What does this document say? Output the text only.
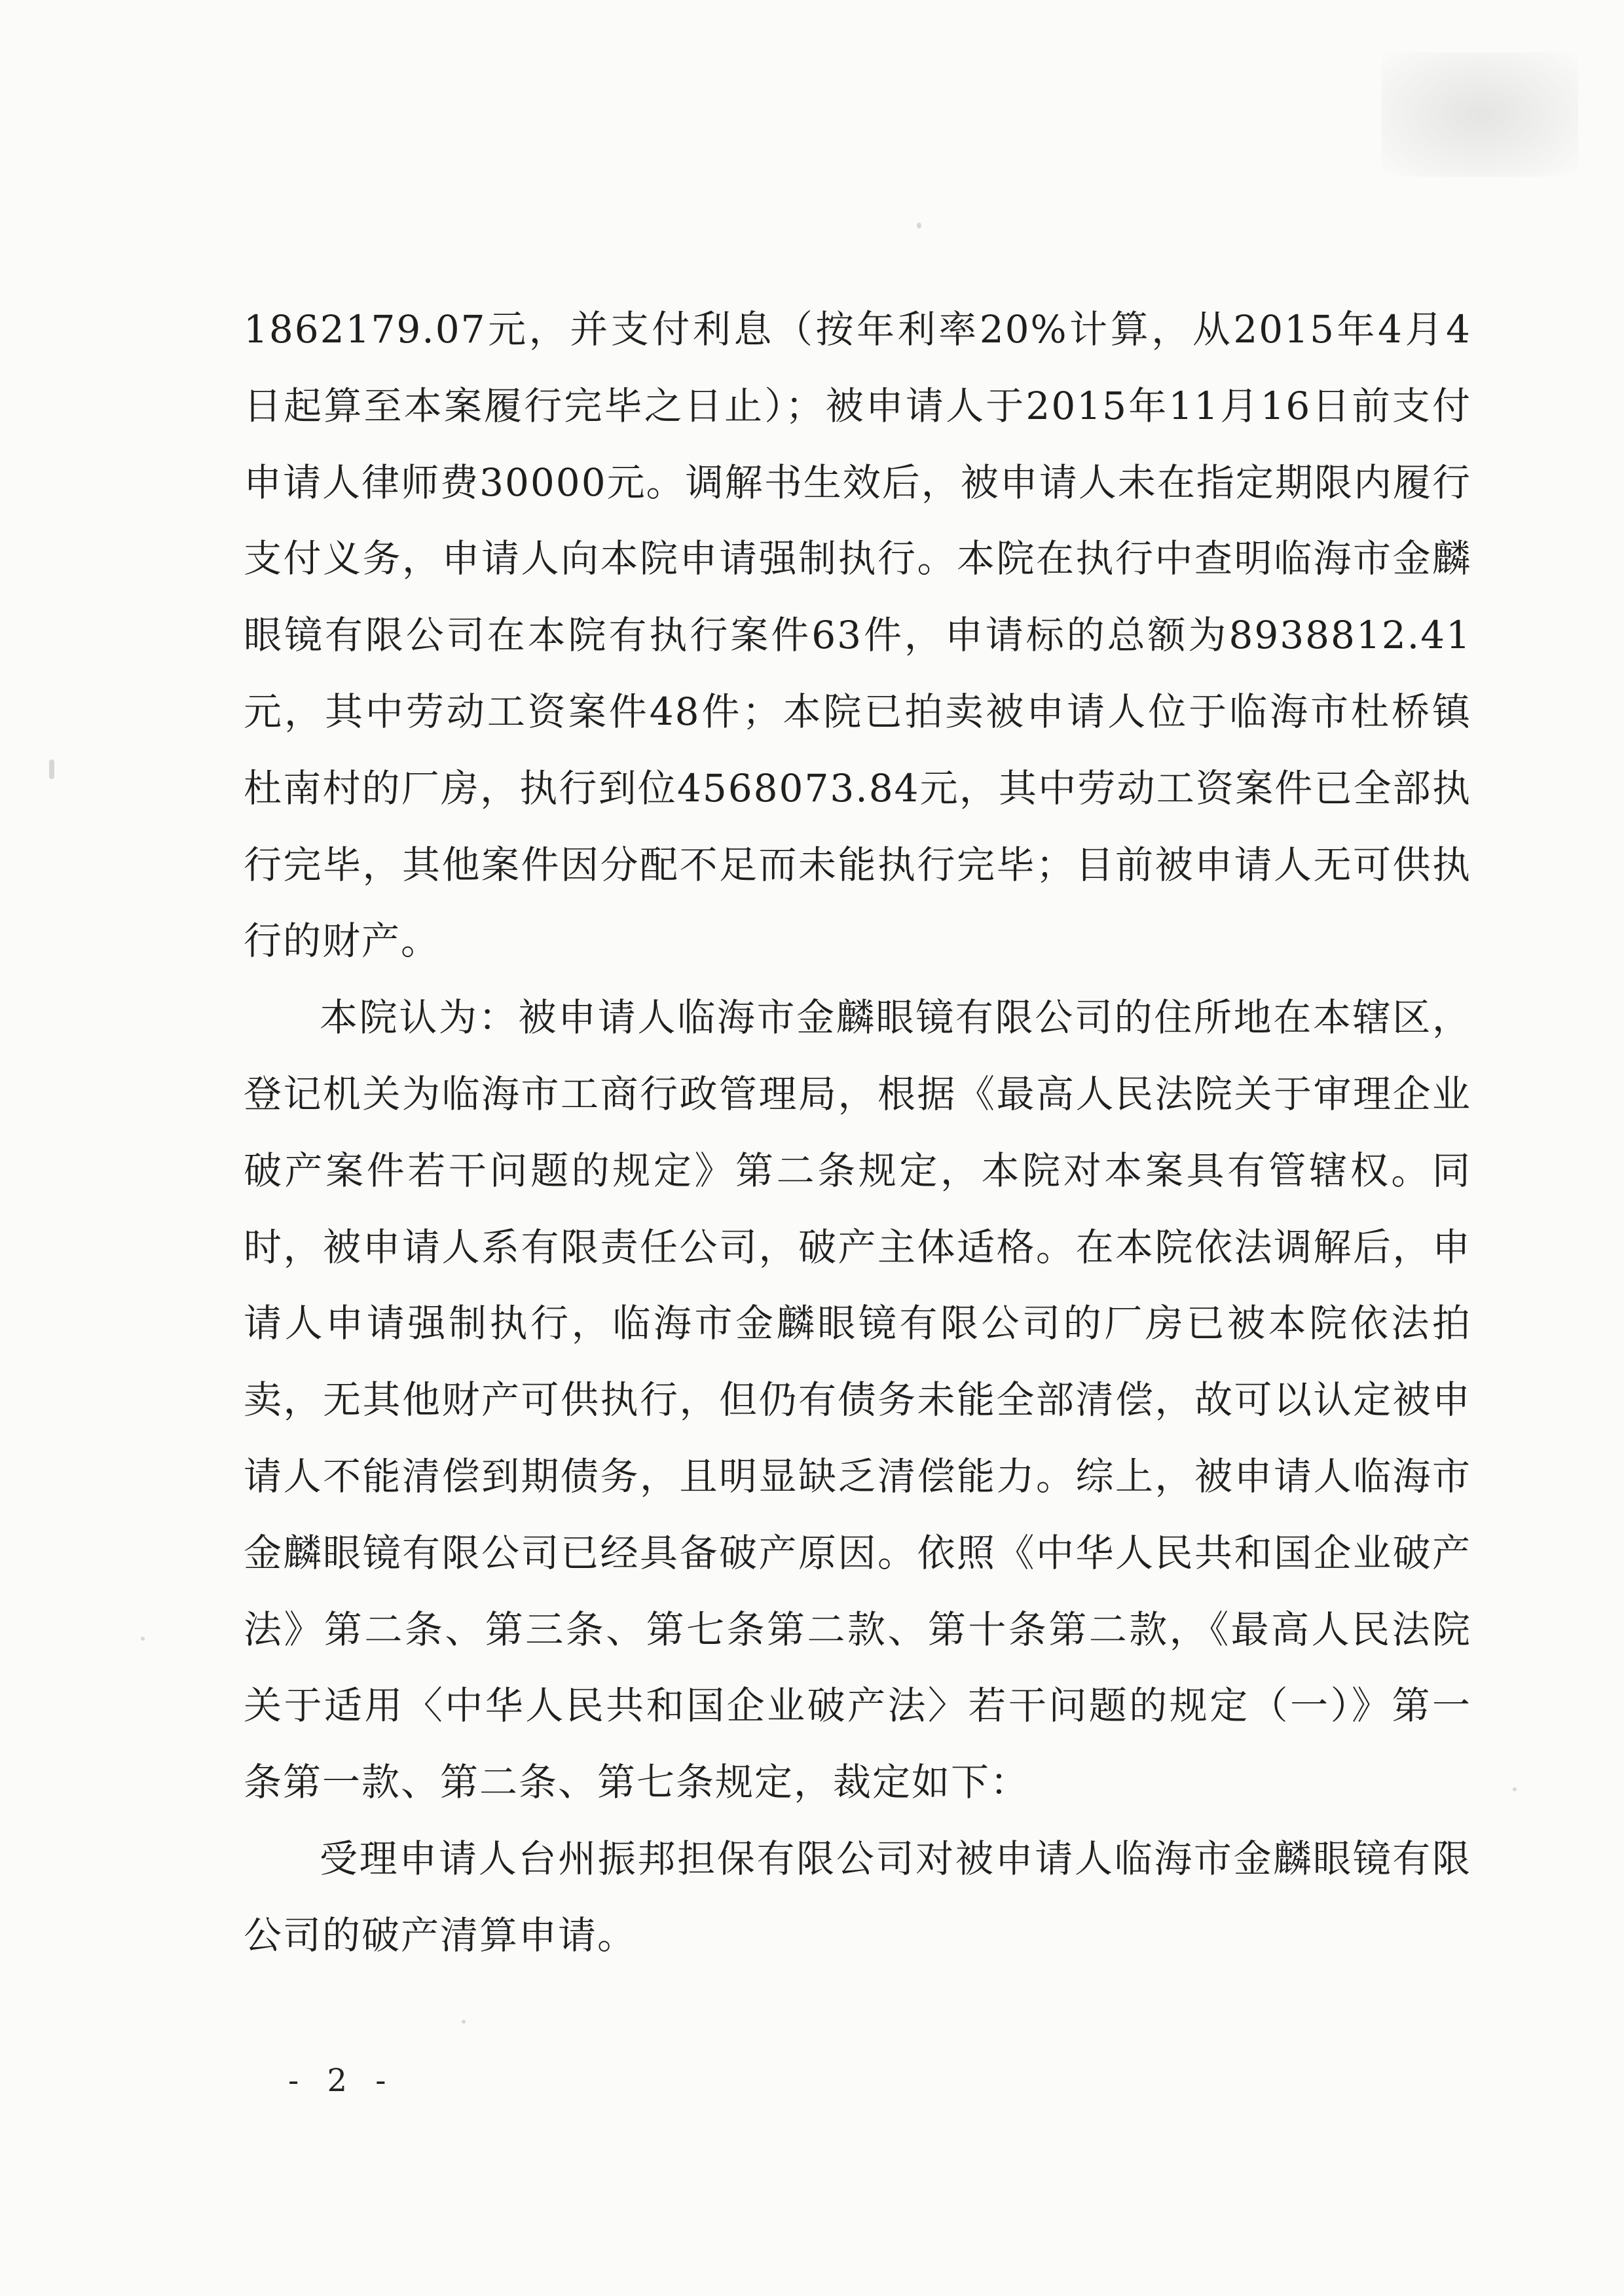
1862179.07元，并支付利息（按年利率20%计算，从2015年4月4日起算至本案履行完毕之日止）；被申请人于2015年11月16日前支付申请人律师费30000元。调解书生效后，被申请人未在指定期限内履行支付义务，申请人向本院申请强制执行。本院在执行中查明临海市金麟眼镜有限公司在本院有执行案件63件，申请标的总额为8938812.41元，其中劳动工资案件48件；本院已拍卖被申请人位于临海市杜桥镇杜南村的厂房，执行到位4568073.84元，其中劳动工资案件已全部执行完毕，其他案件因分配不足而未能执行完毕；目前被申请人无可供执行的财产。

本院认为：被申请人临海市金麟眼镜有限公司的住所地在本辖区，登记机关为临海市工商行政管理局，根据《最高人民法院关于审理企业破产案件若干问题的规定》第二条规定，本院对本案具有管辖权。同时，被申请人系有限责任公司，破产主体适格。在本院依法调解后，申请人申请强制执行，临海市金麟眼镜有限公司的厂房已被本院依法拍卖，无其他财产可供执行，但仍有债务未能全部清偿，故可以认定被申请人不能清偿到期债务，且明显缺乏清偿能力。综上，被申请人临海市金麟眼镜有限公司已经具备破产原因。依照《中华人民共和国企业破产法》第二条、第三条、第七条第二款、第十条第二款，《最高人民法院关于适用〈中华人民共和国企业破产法〉若干问题的规定（一）》第一条第一款、第二条、第七条规定，裁定如下：

受理申请人台州振邦担保有限公司对被申请人临海市金麟眼镜有限公司的破产清算申请。

- 2 -
